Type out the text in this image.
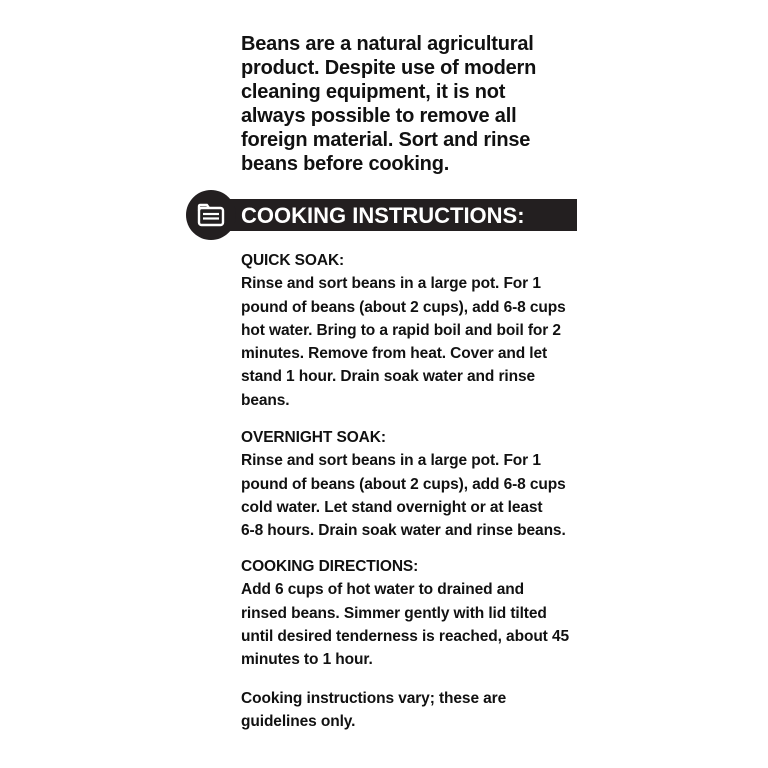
Beans are a natural agricultural
product. Despite use of modern
cleaning equipment, it is not
always possible to remove all
foreign material. Sort and rinse
beans before cooking.
COOKING INSTRUCTIONS:
QUICK SOAK:
Rinse and sort beans in a large pot. For 1
pound of beans (about 2 cups), add 6-8 cups
hot water. Bring to a rapid boil and boil for 2
minutes. Remove from heat. Cover and let
stand 1 hour. Drain soak water and rinse
beans.
OVERNIGHT SOAK:
Rinse and sort beans in a large pot. For 1
pound of beans (about 2 cups), add 6-8 cups
cold water. Let stand overnight or at least
6-8 hours. Drain soak water and rinse beans.
COOKING DIRECTIONS:
Add 6 cups of hot water to drained and
rinsed beans. Simmer gently with lid tilted
until desired tenderness is reached, about 45
minutes to 1 hour.
Cooking instructions vary; these are
guidelines only.
